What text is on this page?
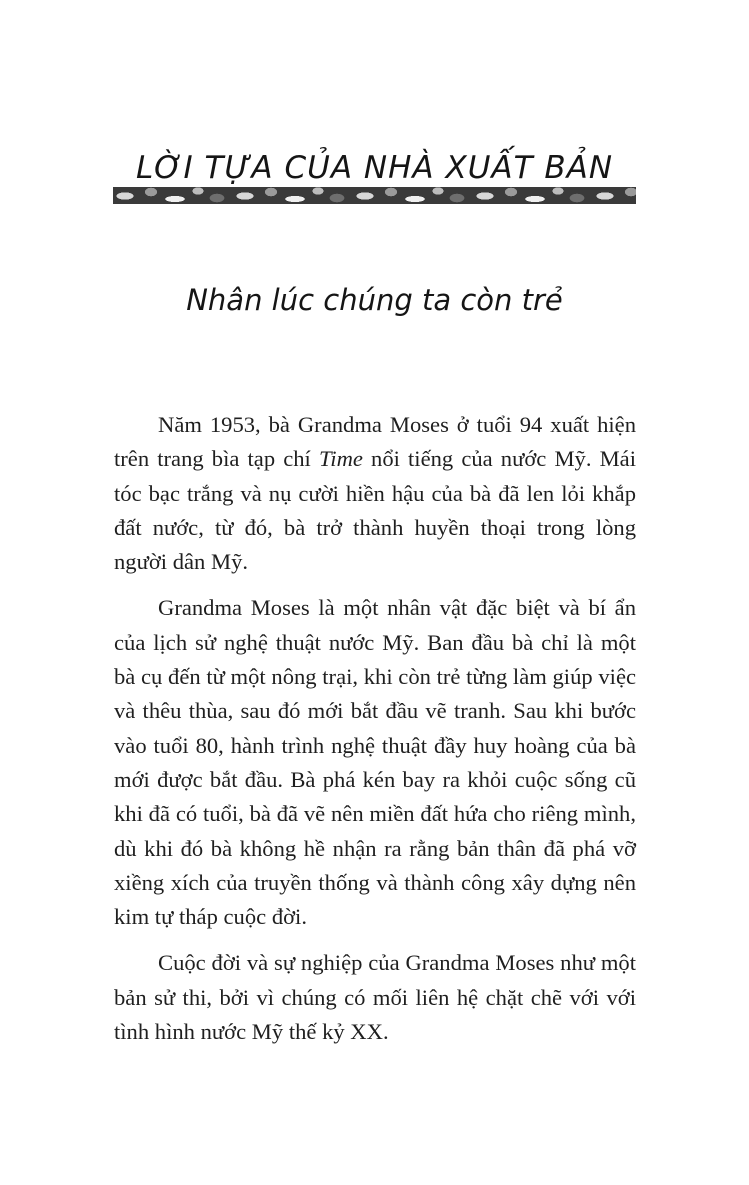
LỜI TỰA CỦA NHÀ XUẤT BẢN
Nhân lúc chúng ta còn trẻ

Năm 1953, bà Grandma Moses ở tuổi 94 xuất hiện trên trang bìa tạp chí Time nổi tiếng của nước Mỹ. Mái tóc bạc trắng và nụ cười hiền hậu của bà đã len lỏi khắp đất nước, từ đó, bà trở thành huyền thoại trong lòng người dân Mỹ.

Grandma Moses là một nhân vật đặc biệt và bí ẩn của lịch sử nghệ thuật nước Mỹ. Ban đầu bà chỉ là một bà cụ đến từ một nông trại, khi còn trẻ từng làm giúp việc và thêu thùa, sau đó mới bắt đầu vẽ tranh. Sau khi bước vào tuổi 80, hành trình nghệ thuật đầy huy hoàng của bà mới được bắt đầu. Bà phá kén bay ra khỏi cuộc sống cũ khi đã có tuổi, bà đã vẽ nên miền đất hứa cho riêng mình, dù khi đó bà không hề nhận ra rằng bản thân đã phá vỡ xiềng xích của truyền thống và thành công xây dựng nên kim tự tháp cuộc đời.

Cuộc đời và sự nghiệp của Grandma Moses như một bản sử thi, bởi vì chúng có mối liên hệ chặt chẽ với với tình hình nước Mỹ thế kỷ XX.
